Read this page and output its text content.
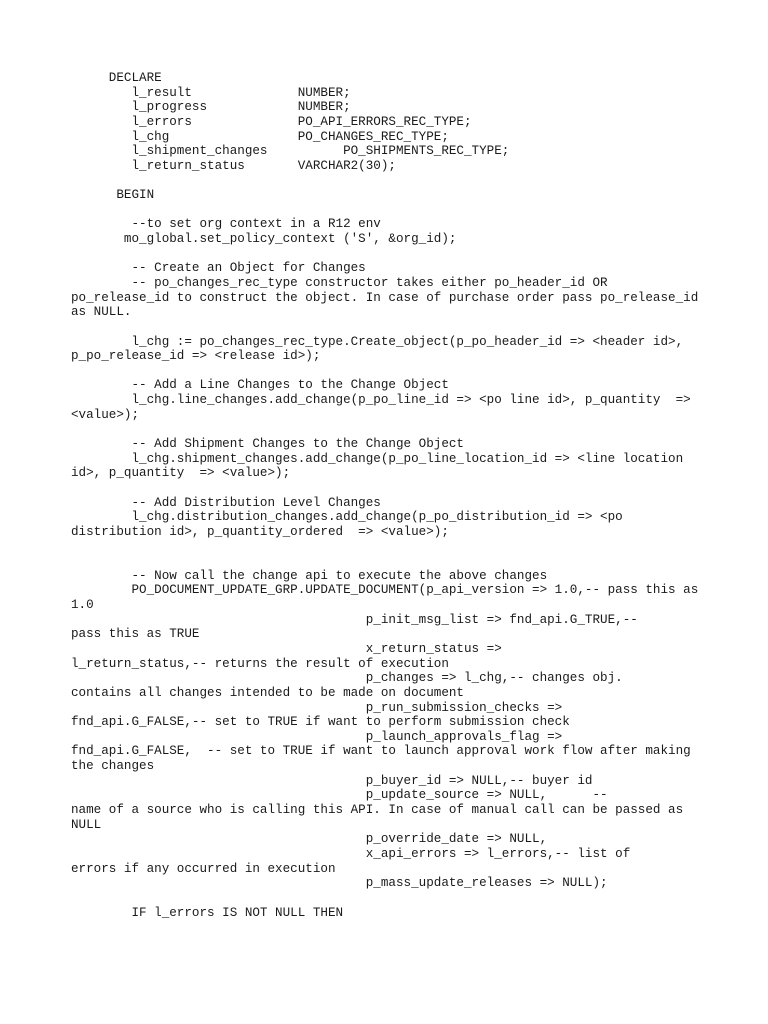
DECLARE
l_result              NUMBER;
l_progress            NUMBER;
l_errors              PO_API_ERRORS_REC_TYPE;
l_chg                 PO_CHANGES_REC_TYPE;
l_shipment_changes          PO_SHIPMENTS_REC_TYPE;
l_return_status       VARCHAR2(30);

BEGIN

--to set org context in a R12 env
mo_global.set_policy_context ('S', &org_id);

-- Create an Object for Changes
-- po_changes_rec_type constructor takes either po_header_id OR
po_release_id to construct the object. In case of purchase order pass po_release_id
as NULL.

l_chg := po_changes_rec_type.Create_object(p_po_header_id => <header id>,
p_po_release_id => <release id>);

-- Add a Line Changes to the Change Object
l_chg.line_changes.add_change(p_po_line_id => <po line id>, p_quantity  =>
<value>);

-- Add Shipment Changes to the Change Object
l_chg.shipment_changes.add_change(p_po_line_location_id => <line location
id>, p_quantity  => <value>);

-- Add Distribution Level Changes
l_chg.distribution_changes.add_change(p_po_distribution_id => <po
distribution id>, p_quantity_ordered  => <value>);

-- Now call the change api to execute the above changes
PO_DOCUMENT_UPDATE_GRP.UPDATE_DOCUMENT(p_api_version => 1.0,-- pass this as
1.0
p_init_msg_list => fnd_api.G_TRUE,--
pass this as TRUE
x_return_status =>
l_return_status,-- returns the result of execution
p_changes => l_chg,-- changes obj.
contains all changes intended to be made on document
p_run_submission_checks =>
fnd_api.G_FALSE,-- set to TRUE if want to perform submission check
p_launch_approvals_flag =>
fnd_api.G_FALSE,  -- set to TRUE if want to launch approval work flow after making
the changes
p_buyer_id => NULL,-- buyer id
p_update_source => NULL,      --
name of a source who is calling this API. In case of manual call can be passed as
NULL
p_override_date => NULL,
x_api_errors => l_errors,-- list of
errors if any occurred in execution
p_mass_update_releases => NULL);

IF l_errors IS NOT NULL THEN
